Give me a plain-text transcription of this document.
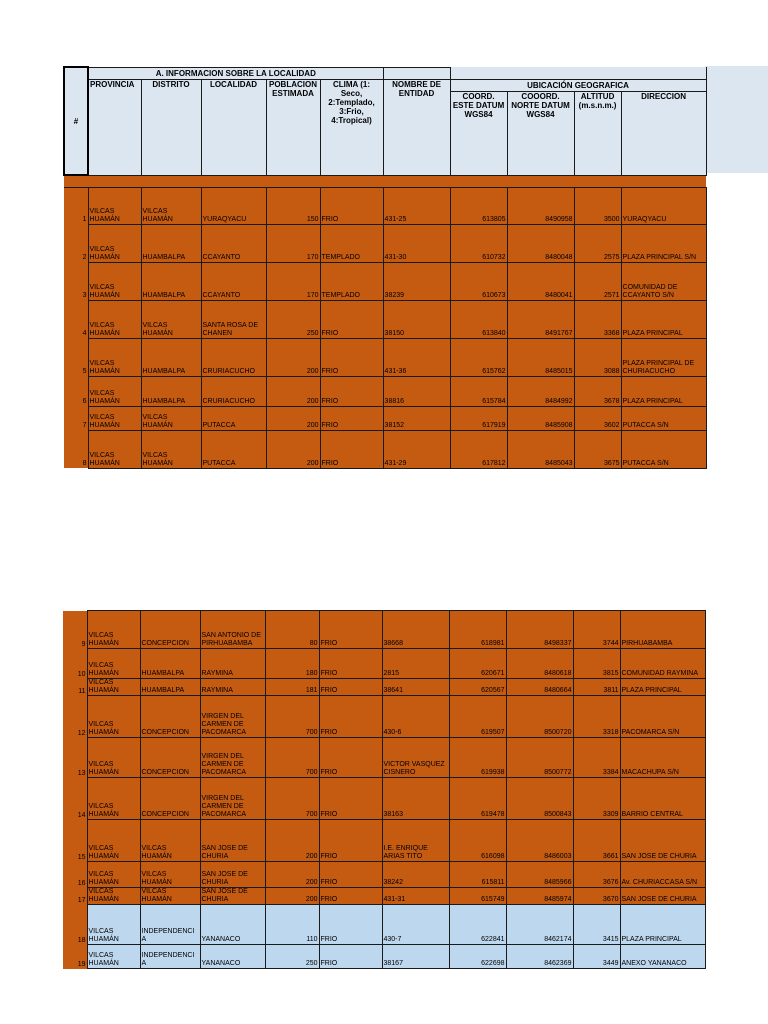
#	A. INFORMACION SOBRE LA LOCALIDAD									
	PROVINCIA	DISTRITO	LOCALIDAD	POBLACION ESTIMADA	CLIMA (1: Seco, 2:Templado, 3:Frio, 4:Tropical)	NOMBRE DE ENTIDAD	UBICACIÓN GEOGRAFICA			
							COORD. ESTE DATUM WGS84	COOORD. NORTE DATUM WGS84	ALTITUD (m.s.n.m.)	DIRECCION

1	VILCAS HUAMÁN	VILCAS HUAMÁN	YURAQYACU	150	FRIO	431-25	613805	8490958	3500	YURAQYACU
2	VILCAS HUAMÁN	HUAMBALPA	CCAYANTO	170	TEMPLADO	431-30	610732	8480048	2575	PLAZA PRINCIPAL S/N
3	VILCAS HUAMÁN	HUAMBALPA	CCAYANTO	170	TEMPLADO	38239	610673	8480041	2571	COMUNIDAD DE CCAYANTO S/N
4	VILCAS HUAMÁN	VILCAS HUAMÁN	SANTA ROSA DE CHANEN	250	FRIO	38150	613840	8491767	3368	PLAZA PRINCIPAL
5	VILCAS HUAMÁN	HUAMBALPA	CRURIACUCHO	200	FRIO	431-36	615762	8485015	3088	PLAZA PRINCIPAL DE CHURIACUCHO
6	VILCAS HUAMÁN	HUAMBALPA	CRURIACUCHO	200	FRIO	38816	615784	8484992	3678	PLAZA PRINCIPAL
7	VILCAS HUAMÁN	VILCAS HUAMÁN	PUTACCA	200	FRIO	38152	617919	8485908	3602	PUTACCA S/N
8	VILCAS HUAMÁN	VILCAS HUAMÁN	PUTACCA	200	FRIO	431-29	617812	8485043	3675	PUTACCA S/N
9	VILCAS HUAMÁN	CONCEPCION	SAN ANTONIO DE PIRHUABAMBA	80	FRIO	38668	618981	8498337	3744	PIRHUABAMBA
10	VILCAS HUAMÁN	HUAMBALPA	RAYMINA	180	FRIO	2815	620671	8480618	3815	COMUNIDAD RAYMINA
11	VILCAS HUAMÁN	HUAMBALPA	RAYMINA	181	FRIO	38641	620567	8480664	3811	PLAZA PRINCIPAL
12	VILCAS HUAMÁN	CONCEPCION	VIRGEN DEL CARMEN DE PACOMARCA	700	FRIO	430-6	619507	8500720	3318	PACOMARCA S/N
13	VILCAS HUAMÁN	CONCEPCION	VIRGEN DEL CARMEN DE PACOMARCA	700	FRIO	VICTOR VASQUEZ CISNERO	619938	8500772	3384	MACACHUPA S/N
14	VILCAS HUAMÁN	CONCEPCION	VIRGEN DEL CARMEN DE PACOMARCA	700	FRIO	38163	619478	8500843	3309	BARRIO CENTRAL
15	VILCAS HUAMÁN	VILCAS HUAMÁN	SAN JOSE DE CHURIA	200	FRIO	I.E. ENRIQUE ARIAS TITO	616098	8486003	3661	SAN JOSE DE CHURIA
16	VILCAS HUAMÁN	VILCAS HUAMÁN	SAN JOSE DE CHURIA	200	FRIO	38242	615811	8485966	3676	Av. CHURIACCASA S/N
17	VILCAS HUAMÁN	VILCAS HUAMÁN	SAN JOSE DE CHURIA	200	FRIO	431-31	615749	8485974	3670	SAN JOSE DE CHURIA
18	VILCAS HUAMÁN	INDEPENDENCIA	YANANACO	110	FRIO	430-7	622841	8462174	3415	PLAZA PRINCIPAL
19	VILCAS HUAMÁN	INDEPENDENCIA	YANANACO	250	FRIO	38167	622698	8462369	3449	ANEXO YANANACO
